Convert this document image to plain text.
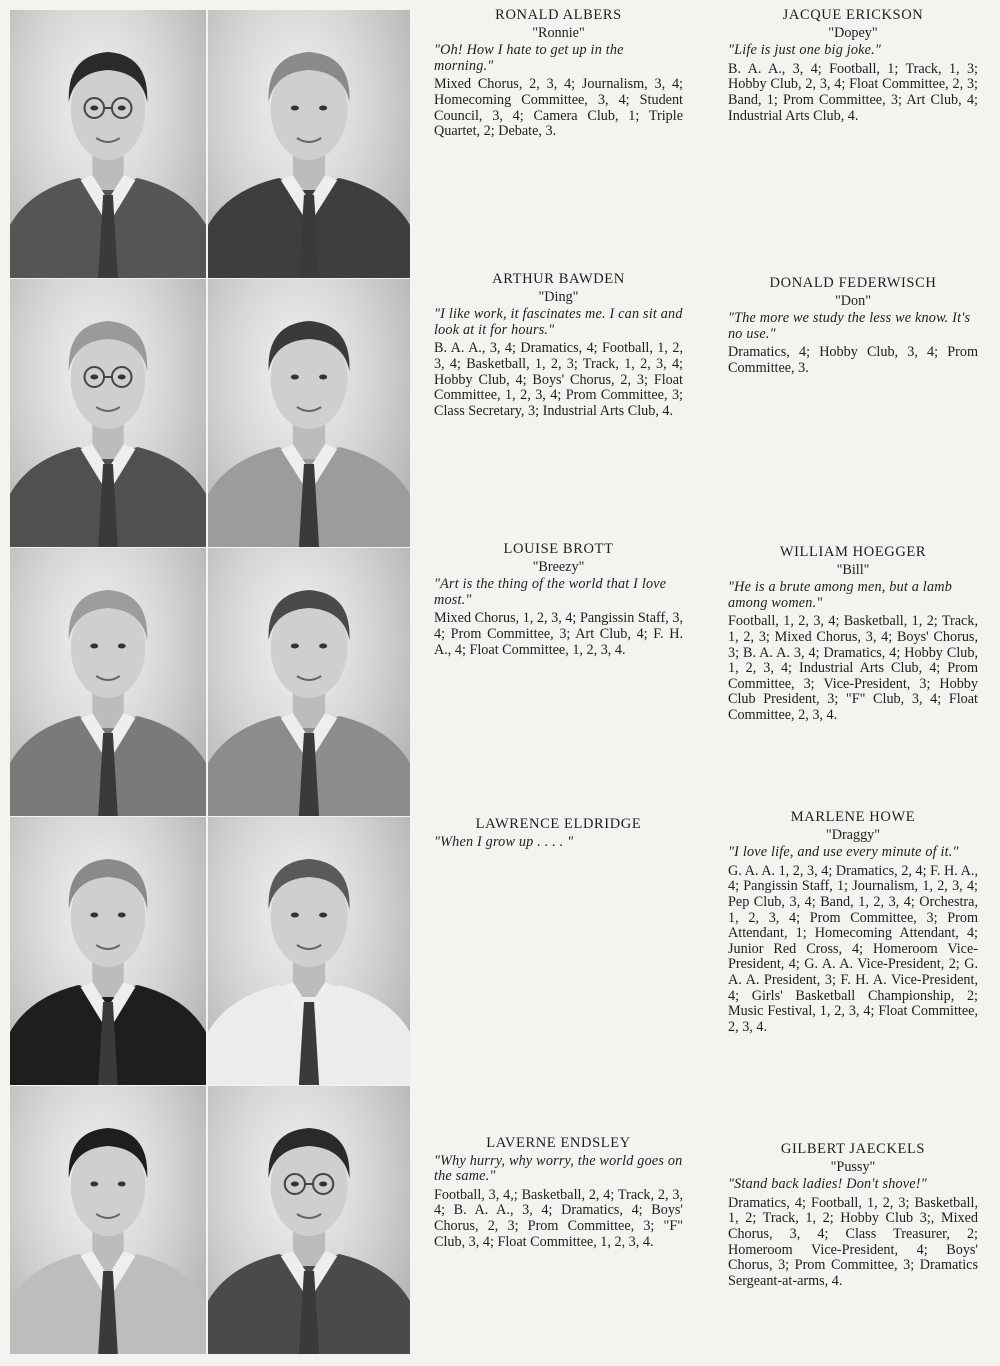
RONALD ALBERS
"Ronnie"
"Oh! How I hate to get up in the morning."
Mixed Chorus, 2, 3, 4; Journalism, 3, 4; Homecoming Committee, 3, 4; Student Council, 3, 4; Camera Club, 1; Triple Quartet, 2; Debate, 3.
ARTHUR BAWDEN
"Ding"
"I like work, it fascinates me. I can sit and look at it for hours."
B. A. A., 3, 4; Dramatics, 4; Football, 1, 2, 3, 4; Basketball, 1, 2, 3; Track, 1, 2, 3, 4; Hobby Club, 4; Boys' Chorus, 2, 3; Float Committee, 1, 2, 3, 4; Prom Committee, 3; Class Secretary, 3; Industrial Arts Club, 4.
LOUISE BROTT
"Breezy"
"Art is the thing of the world that I love most."
Mixed Chorus, 1, 2, 3, 4; Pangissin Staff, 3, 4; Prom Committee, 3; Art Club, 4; F. H. A., 4; Float Committee, 1, 2, 3, 4.
LAWRENCE ELDRIDGE
"When I grow up . . . . "
LAVERNE ENDSLEY
"Why hurry, why worry, the world goes on the same."
Football, 3, 4,; Basketball, 2, 4; Track, 2, 3, 4; B. A. A., 3, 4; Dramatics, 4; Boys' Chorus, 2, 3; Prom Committee, 3; "F" Club, 3, 4; Float Committee, 1, 2, 3, 4.
JACQUE ERICKSON
"Dopey"
"Life is just one big joke."
B. A. A., 3, 4; Football, 1; Track, 1, 3; Hobby Club, 2, 3, 4; Float Committee, 2, 3; Band, 1; Prom Committee, 3; Art Club, 4; Industrial Arts Club, 4.
DONALD FEDERWISCH
"Don"
"The more we study the less we know. It's no use."
Dramatics, 4; Hobby Club, 3, 4; Prom Committee, 3.
WILLIAM HOEGGER
"Bill"
"He is a brute among men, but a lamb among women."
Football, 1, 2, 3, 4; Basketball, 1, 2; Track, 1, 2, 3; Mixed Chorus, 3, 4; Boys' Chorus, 3; B. A. A. 3, 4; Dramatics, 4; Hobby Club, 1, 2, 3, 4; Industrial Arts Club, 4; Prom Committee, 3; Vice-President, 3; Hobby Club President, 3; "F" Club, 3, 4; Float Committee, 2, 3, 4.
MARLENE HOWE
"Draggy"
"I love life, and use every minute of it."
G. A. A. 1, 2, 3, 4; Dramatics, 2, 4; F. H. A., 4; Pangissin Staff, 1; Journalism, 1, 2, 3, 4; Pep Club, 3, 4; Band, 1, 2, 3, 4; Orchestra, 1, 2, 3, 4; Prom Committee, 3; Prom Attendant, 1; Homecoming Attendant, 4; Junior Red Cross, 4; Homeroom Vice-President, 4; G. A. A. Vice-President, 2; G. A. A. President, 3; F. H. A. Vice-President, 4; Girls' Basketball Championship, 2; Music Festival, 1, 2, 3, 4; Float Committee, 2, 3, 4.
GILBERT JAECKELS
"Pussy"
"Stand back ladies! Don't shove!"
Dramatics, 4; Football, 1, 2, 3; Basketball, 1, 2; Track, 1, 2; Hobby Club 3;, Mixed Chorus, 3, 4; Class Treasurer, 2; Homeroom Vice-President, 4; Boys' Chorus, 3; Prom Committee, 3; Dramatics Sergeant-at-arms, 4.
